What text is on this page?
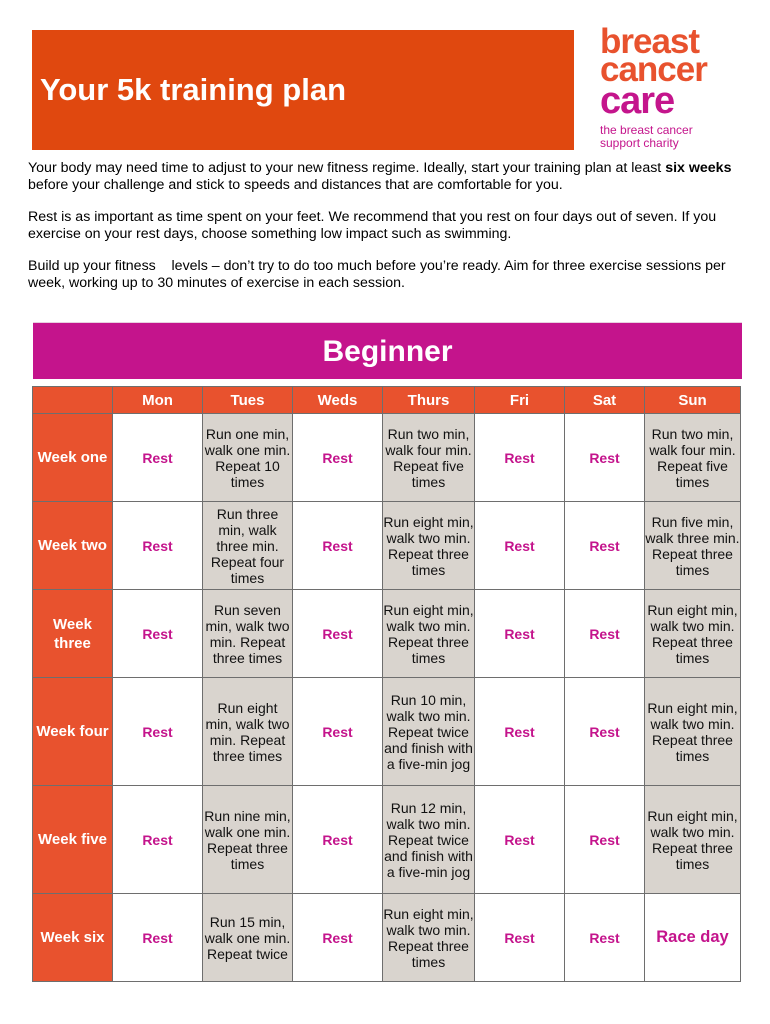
Your 5k training plan
breast
cancer
care
the breast cancer
support charity

Your body may need time to adjust to your new fitness regime. Ideally, start your training plan at least six weeks before your challenge and stick to speeds and distances that are comfortable for you.

Rest is as important as time spent on your feet. We recommend that you rest on four days out of seven. If you exercise on your rest days, choose something low impact such as swimming.

Build up your fitness    levels – don’t try to do too much before you’re ready. Aim for three exercise sessions per week, working up to 30 minutes of exercise in each session.

Beginner
	Mon	Tues	Weds	Thurs	Fri	Sat	Sun
Week one	Rest	Run one min, walk one min. Repeat 10 times	Rest	Run two min, walk four min. Repeat five times	Rest	Rest	Run two min, walk four min. Repeat five times
Week two	Rest	Run three min, walk three min. Repeat four times	Rest	Run eight min, walk two min. Repeat three times	Rest	Rest	Run five min, walk three min. Repeat three times
Week three	Rest	Run seven min, walk two min. Repeat three times	Rest	Run eight min, walk two min. Repeat three times	Rest	Rest	Run eight min, walk two min. Repeat three times
Week four	Rest	Run eight min, walk two min. Repeat three times	Rest	Run 10 min, walk two min. Repeat twice and finish with a five-min jog	Rest	Rest	Run eight min, walk two min. Repeat three times
Week five	Rest	Run nine min, walk one min. Repeat three times	Rest	Run 12 min, walk two min. Repeat twice and finish with a five-min jog	Rest	Rest	Run eight min, walk two min. Repeat three times
Week six	Rest	Run 15 min, walk one min. Repeat twice	Rest	Run eight min, walk two min. Repeat three times	Rest	Rest	Race day
